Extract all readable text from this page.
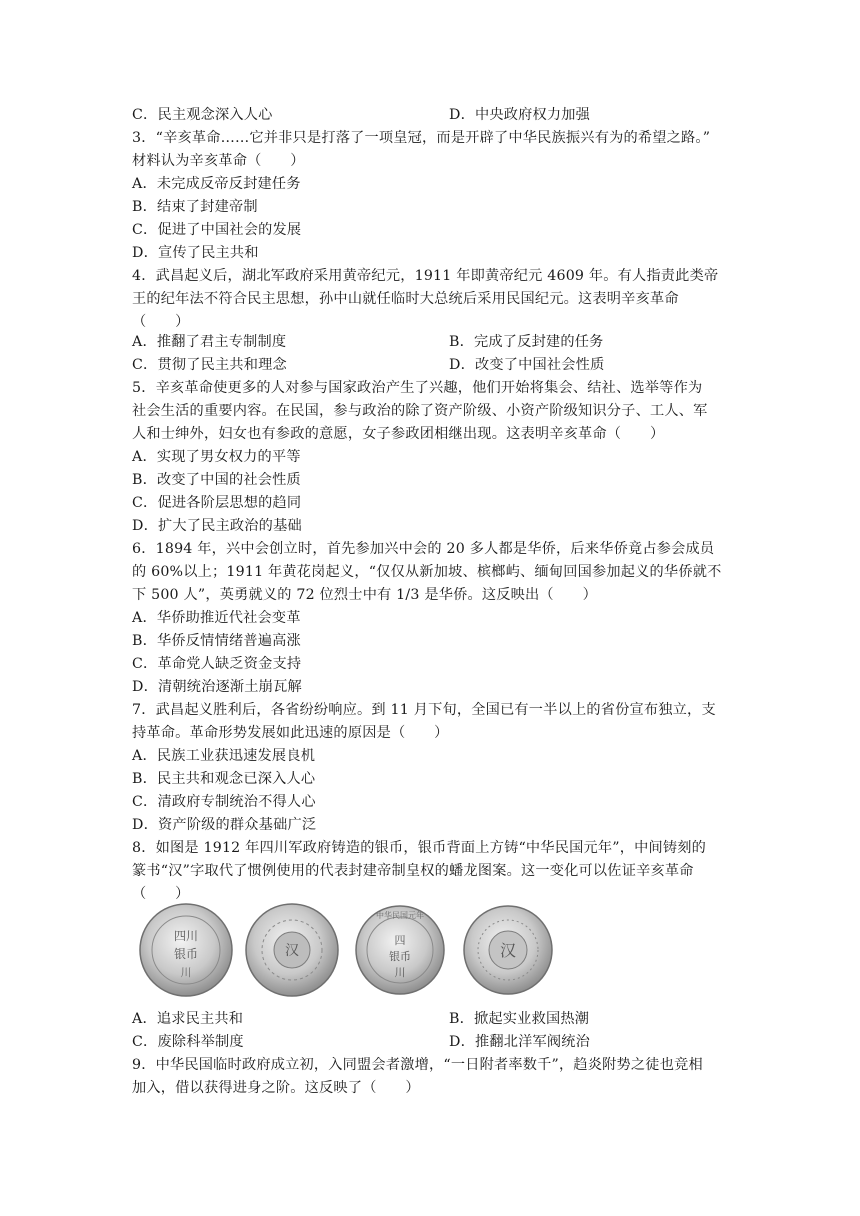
C．民主观念深入人心
3．“辛亥革命……它并非只是打落了一项皇冠，而是开辟了中华民族振兴有为的希望之路。”
材料认为辛亥革命（　　）
A．未完成反帝反封建任务
B．结束了封建帝制
C．促进了中国社会的发展
D．宣传了民主共和
4．武昌起义后，湖北军政府采用黄帝纪元，1911 年即黄帝纪元 4609 年。有人指责此类帝
王的纪年法不符合民主思想，孙中山就任临时大总统后采用民国纪元。这表明辛亥革命
（　　）
A．推翻了君主专制制度
C．贯彻了民主共和理念
5．辛亥革命使更多的人对参与国家政治产生了兴趣，他们开始将集会、结社、选举等作为
社会生活的重要内容。在民国，参与政治的除了资产阶级、小资产阶级知识分子、工人、军
人和士绅外，妇女也有参政的意愿，女子参政团相继出现。这表明辛亥革命（　　）
A．实现了男女权力的平等
B．改变了中国的社会性质
C．促进各阶层思想的趋同
D．扩大了民主政治的基础
6．1894 年，兴中会创立时，首先参加兴中会的 20 多人都是华侨，后来华侨竟占参会成员
的 60%以上；1911 年黄花岗起义，“仅仅从新加坡、槟榔屿、缅甸回国参加起义的华侨就不
下 500 人”，英勇就义的 72 位烈士中有 1/3 是华侨。这反映出（　　）
A．华侨助推近代社会变革
B．华侨反情情绪普遍高涨
C．革命党人缺乏资金支持
D．清朝统治逐渐土崩瓦解
7．武昌起义胜利后，各省纷纷响应。到 11 月下旬，全国已有一半以上的省份宣布独立，支
持革命。革命形势发展如此迅速的原因是（　　）
A．民族工业获迅速发展良机
B．民主共和观念已深入人心
C．清政府专制统治不得人心
D．资产阶级的群众基础广泛
8．如图是 1912 年四川军政府铸造的银币，银币背面上方铸“中华民国元年”，中间铸刻的
篆书“汉”字取代了惯例使用的代表封建帝制皇权的蟠龙图案。这一变化可以佐证辛亥革命
（　　）
四川
银币
川
汉
中华民国元年
四
银币
川
汉
A．追求民主共和
C．废除科举制度
9．中华民国临时政府成立初，入同盟会者激增，“一日附者率数千”，趋炎附势之徒也竞相
加入，借以获得进身之阶。这反映了（　　）
D．中央政府权力加强
B．完成了反封建的任务
D．改变了中国社会性质
B．掀起实业救国热潮
D．推翻北洋军阀统治
